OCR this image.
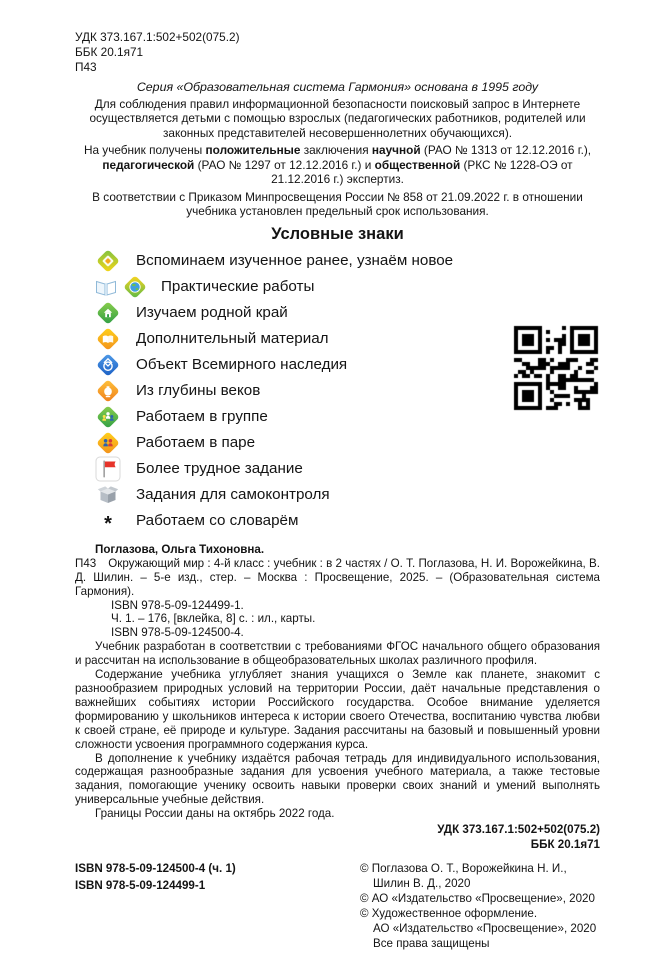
УДК 373.167.1:502+502(075.2)
ББК 20.1я71
П43
Серия «Образовательная система Гармония» основана в 1995 году

Для соблюдения правил информационной безопасности поисковый запрос в Интернете осуществляется детьми с помощью взрослых (педагогических работников, родителей или законных представителей несовершеннолетних обучающихся).

На учебник получены положительные заключения научной (РАО № 1313 от 12.12.2016 г.), педагогической (РАО № 1297 от 12.12.2016 г.) и общественной (РКС № 1228-ОЭ от 21.12.2016 г.) экспертиз.

В соответствии с Приказом Минпросвещения России № 858 от 21.09.2022 г. в отношении учебника установлен предельный срок использования.

Условные знаки
Вспоминаем изученное ранее, узнаём новое
Практические работы
Изучаем родной край
Дополнительный материал
Объект Всемирного наследия
Из глубины веков
Работаем в группе
Работаем в паре
Более трудное задание
Задания для самоконтроля
* Работаем со словарём

Поглазова, Ольга Тихоновна.

П43 Окружающий мир : 4-й класс : учебник : в 2 частях / О. Т. Поглазова, Н. И. Ворожейкина, В. Д. Шилин. – 5-е изд., стер. – Москва : Просвещение, 2025. – (Образовательная система Гармония).

ISBN 978-5-09-124499-1.

Ч. 1. – 176, [вклейка, 8] с. : ил., карты.

ISBN 978-5-09-124500-4.

Учебник разработан в соответствии с требованиями ФГОС начального общего образования и рассчитан на использование в общеобразовательных школах различного профиля.

Содержание учебника углубляет знания учащихся о Земле как планете, знакомит с разнообразием природных условий на территории России, даёт начальные представления о важнейших событиях истории Российского государства. Особое внимание уделяется формированию у школьников интереса к истории своего Отечества, воспитанию чувства любви к своей стране, её природе и культуре. Задания рассчитаны на базовый и повышенный уровни сложности усвоения программного содержания курса.

В дополнение к учебнику издаётся рабочая тетрадь для индивидуального использования, содержащая разнообразные задания для усвоения учебного материала, а также тестовые задания, помогающие ученику освоить навыки проверки своих знаний и умений выполнять универсальные учебные действия.

Границы России даны на октябрь 2022 года.

УДК 373.167.1:502+502(075.2)
ББК 20.1я71
ISBN 978-5-09-124500-4 (ч. 1)
ISBN 978-5-09-124499-1
© Поглазова О. Т., Ворожейкина Н. И.,
Шилин В. Д., 2020
© АО «Издательство «Просвещение», 2020
© Художественное оформление.
АО «Издательство «Просвещение», 2020
Все права защищены
